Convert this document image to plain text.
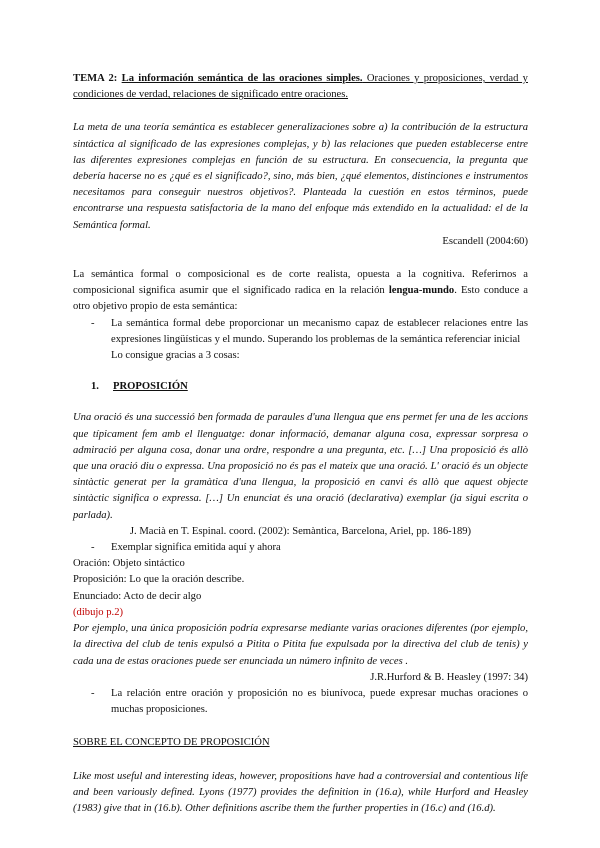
TEMA 2: La información semántica de las oraciones simples. Oraciones y proposiciones, verdad y condiciones de verdad, relaciones de significado entre oraciones.

La meta de una teoría semántica es establecer generalizaciones sobre a) la contribución de la estructura sintáctica al significado de las expresiones complejas, y b) las relaciones que pueden establecerse entre las diferentes expresiones complejas en función de su estructura. En consecuencia, la pregunta que debería hacerse no es ¿qué es el significado?, sino, más bien, ¿qué elementos, distinciones e instrumentos necesitamos para conseguir nuestros objetivos?. Planteada la cuestión en estos términos, puede encontrarse una respuesta satisfactoria de la mano del enfoque más extendido en la actualidad: el de la Semántica formal.

Escandell (2004:60)

La semántica formal o composicional es de corte realista, opuesta a la cognitiva. Referirnos a composicional significa asumir que el significado radica en la relación lengua-mundo. Esto conduce a otro objetivo propio de esta semántica:

-	La semántica formal debe proporcionar un mecanismo capaz de establecer relaciones entre las expresiones lingüísticas y el mundo. Superando los problemas de la semántica referenciar inicial

Lo consigue gracias a 3 cosas:

1.	PROPOSICIÓN

Una oració és una successió ben formada de paraules d'una llengua que ens permet fer una de les accions que típicament fem amb el llenguatge: donar informació, demanar alguna cosa, expressar sorpresa o admiració per alguna cosa, donar una ordre, respondre a una pregunta, etc. […] Una proposició és allò que una oració diu o expressa. Una proposició no és pas el mateix que una oració. L' oració és un objecte sintàctic generat per la gramàtica d'una llengua, la proposició en canvi és allò que aquest objecte sintàctic significa o expressa. […] Un enunciat és una oració (declarativa) exemplar (ja sigui escrita o parlada).

J. Macià en T. Espinal. coord. (2002): Semàntica, Barcelona, Ariel, pp. 186-189)

-	Exemplar significa emitida aquí y ahora

Oración: Objeto sintáctico

Proposición: Lo que la oración describe.

Enunciado: Acto de decir algo

(dibujo p.2)

Por ejemplo, una única proposición podría expresarse mediante varias oraciones diferentes (por ejemplo, la directiva del club de tenis expulsó a Pitita o Pitita fue expulsada por la directiva del club de tenis) y cada una de estas oraciones puede ser enunciada un número infinito de veces .

J.R.Hurford & B. Heasley (1997: 34)

-	La relación entre oración y proposición no es biunívoca, puede expresar muchas oraciones o muchas proposiciones.

SOBRE EL CONCEPTO DE PROPOSICIÓN

Like most useful and interesting ideas, however, propositions have had a controversial and contentious life and been variously defined. Lyons (1977) provides the definition in (16.a), while Hurford and Heasley (1983) give that in (16.b). Other definitions ascribe them the further properties in (16.c) and (16.d).
